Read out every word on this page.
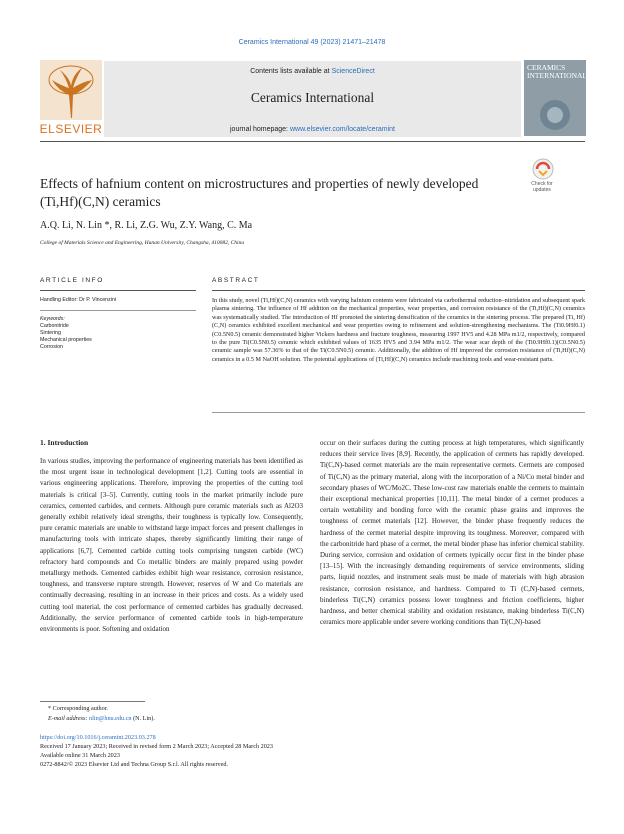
Ceramics International 49 (2023) 21471–21478
ELSEVIER
Contents lists available at ScienceDirect
Ceramics International
journal homepage: www.elsevier.com/locate/ceramint
CERAMICS INTERNATIONAL
Effects of hafnium content on microstructures and properties of newly developed (Ti,Hf)(C,N) ceramics
Check for updates
A.Q. Li, N. Lin *, R. Li, Z.G. Wu, Z.Y. Wang, C. Ma
College of Materials Science and Engineering, Hunan University, Changsha, 410082, China
ARTICLE INFO
Handling Editor: Dr P. Vincenzini
Keywords:
Carbonitride
Sintering
Mechanical properties
Corrosion
ABSTRACT
In this study, novel (Ti,Hf)(C,N) ceramics with varying hafnium contents were fabricated via carbothermal reduction–nitridation and subsequent spark plasma sintering. The influence of Hf addition on the mechanical properties, wear properties, and corrosion resistance of the (Ti,Hf)(C,N) ceramics was systematically studied. The introduction of Hf promoted the sintering densification of the ceramics in the sintering process. The prepared (Ti, Hf)(C,N) ceramics exhibited excellent mechanical and wear properties owing to refinement and solution-strengthening mechanisms. The (Ti0.9Hf0.1)(C0.5N0.5) ceramic demonstrated higher Vickers hardness and fracture toughness, measuring 1997 HV5 and 4.28 MPa m1/2, respectively, compared to the pure Ti(C0.5N0.5) ceramic which exhibited values of 1635 HV5 and 3.94 MPa m1/2. The wear scar depth of the (Ti0.9Hf0.1)(C0.5N0.5) ceramic sample was 57.36% to that of the Ti(C0.5N0.5) ceramic. Additionally, the addition of Hf improved the corrosion resistance of (Ti,Hf)(C,N) ceramics in a 0.5 M NaOH solution. The potential applications of (Ti,Hf)(C,N) ceramics include machining tools and wear-resistant parts.
1. Introduction
In various studies, improving the performance of engineering materials has been identified as the most urgent issue in technological development [1,2]. Cutting tools are essential in various engineering applications. Therefore, improving the properties of the cutting tool materials is critical [3–5]. Currently, cutting tools in the market primarily include pure ceramics, cemented carbides, and cermets. Although pure ceramic materials such as Al2O3 generally exhibit relatively ideal strengths, their toughness is typically low. Consequently, pure ceramic materials are unable to withstand large impact forces and present challenges in manufacturing tools with intricate shapes, thereby significantly limiting their range of applications [6,7]. Cemented carbide cutting tools comprising tungsten carbide (WC) refractory hard compounds and Co metallic binders are mainly prepared using powder metallurgy methods. Cemented carbides exhibit high wear resistance, corrosion resistance, toughness, and transverse rupture strength. However, reserves of W and Co materials are continually decreasing, resulting in an increase in their prices and costs. As a widely used cutting tool material, the cost performance of cemented carbides has gradually decreased. Additionally, the service performance of cemented carbide tools in high-temperature environments is poor. Softening and oxidation
occur on their surfaces during the cutting process at high temperatures, which significantly reduces their service lives [8,9]. Recently, the application of cermets has rapidly developed. Ti(C,N)-based cermet materials are the main representative cermets. Cermets are composed of Ti(C,N) as the primary material, along with the incorporation of a Ni/Co metal binder and secondary phases of WC/Mo2C. These low-cost raw materials enable the cermets to maintain their exceptional mechanical properties [10,11]. The metal binder of a cermet produces a certain wettability and bonding force with the ceramic phase grains and improves the toughness of cermet materials [12]. However, the binder phase frequently reduces the hardness of the cermet material despite improving its toughness. Moreover, compared with the carbonitride hard phase of a cermet, the metal binder phase has inferior chemical stability. During service, corrosion and oxidation of cermets typically occur first in the binder phase [13–15]. With the increasingly demanding requirements of service environments, sliding parts, liquid nozzles, and instrument seals must be made of materials with high abrasion resistance, corrosion resistance, and hardness. Compared to Ti (C,N)-based cermets, binderless Ti(C,N) ceramics possess lower toughness and friction coefficients, higher hardness, and better chemical stability and oxidation resistance, making binderless Ti(C,N) ceramics more applicable under severe working conditions than Ti(C,N)-based
* Corresponding author.
E-mail address: nlin@hnu.edu.cn (N. Lin).
https://doi.org/10.1016/j.ceramint.2023.03.278
Received 17 January 2023; Received in revised form 2 March 2023; Accepted 28 March 2023
Available online 31 March 2023
0272-8842/© 2023 Elsevier Ltd and Techna Group S.r.l. All rights reserved.
